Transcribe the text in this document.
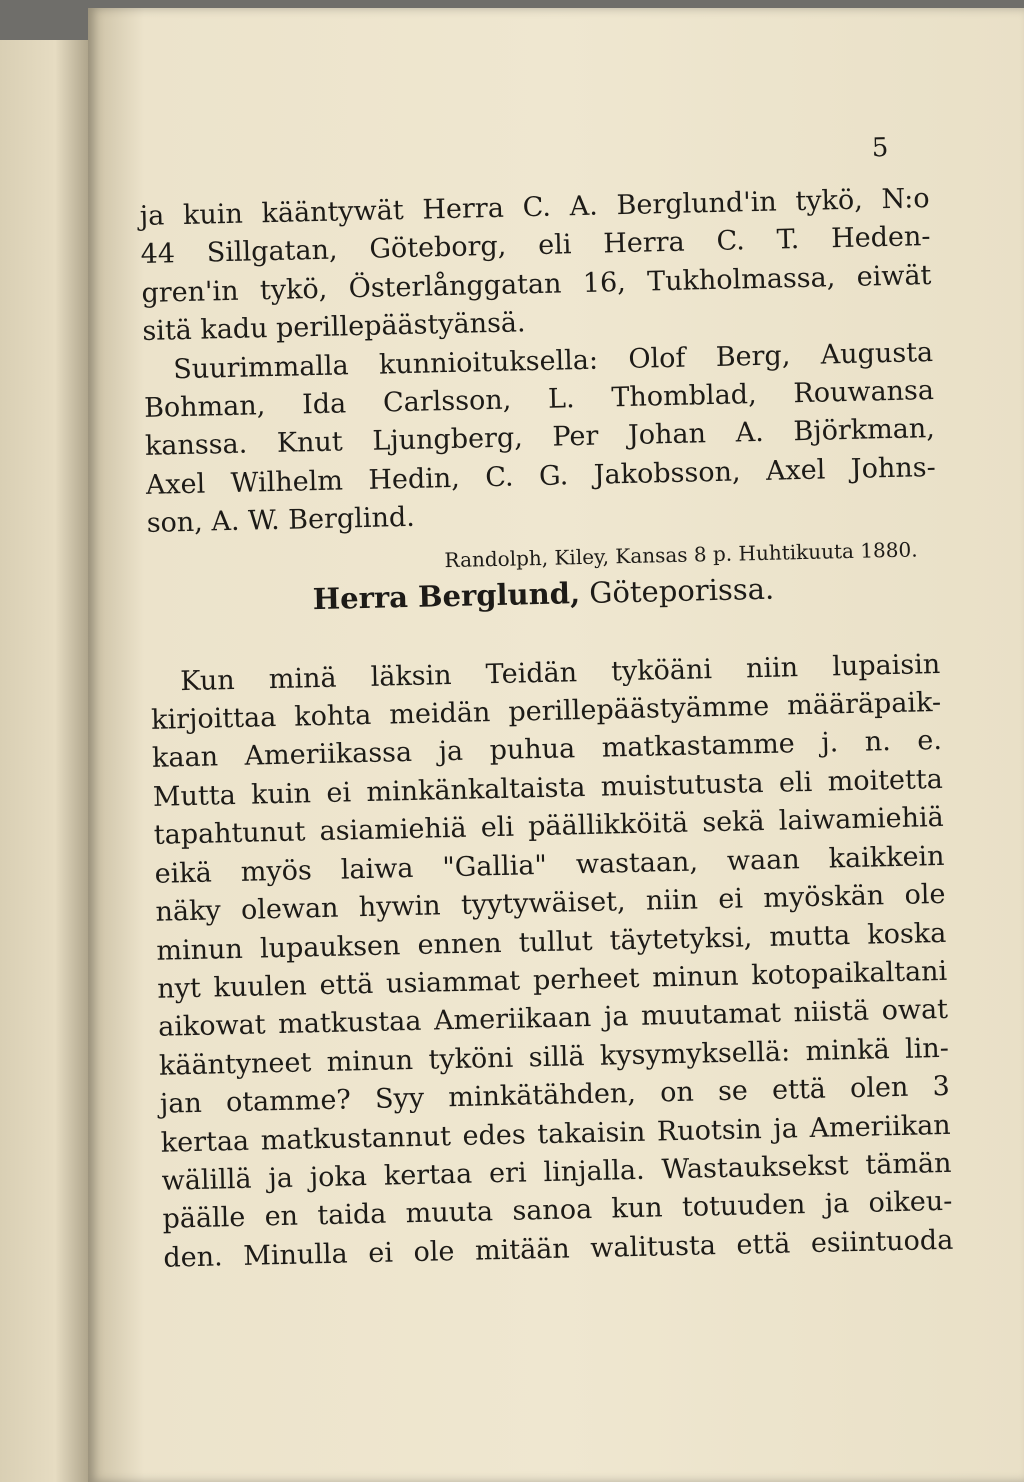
5
ja kuin kääntywät Herra C. A. Berglund'in tykö, N:o
44 Sillgatan, Göteborg, eli Herra C. T. Heden-
gren'in tykö, Österlånggatan 16, Tukholmassa, eiwät
sitä kadu perillepäästyänsä.
Suurimmalla kunnioituksella: Olof Berg, Augusta
Bohman, Ida Carlsson, L. Thomblad, Rouwansa
kanssa. Knut Ljungberg, Per Johan A. Björkman,
Axel Wilhelm Hedin, C. G. Jakobsson, Axel Johns-
son, A. W. Berglind.
Randolph, Kiley, Kansas 8 p. Huhtikuuta 1880.
Herra Berglund, Göteporissa.
Kun minä läksin Teidän tyköäni niin lupaisin
kirjoittaa kohta meidän perillepäästyämme määräpaik-
kaan Ameriikassa ja puhua matkastamme j. n. e.
Mutta kuin ei minkänkaltaista muistutusta eli moitetta
tapahtunut asiamiehiä eli päällikköitä sekä laiwamiehiä
eikä myös laiwa "Gallia" wastaan, waan kaikkein
näky olewan hywin tyytywäiset, niin ei myöskän ole
minun lupauksen ennen tullut täytetyksi, mutta koska
nyt kuulen että usiammat perheet minun kotopaikaltani
aikowat matkustaa Ameriikaan ja muutamat niistä owat
kääntyneet minun tyköni sillä kysymyksellä: minkä lin-
jan otamme? Syy minkätähden, on se että olen 3
kertaa matkustannut edes takaisin Ruotsin ja Ameriikan
wälillä ja joka kertaa eri linjalla. Wastauksekst tämän
päälle en taida muuta sanoa kun totuuden ja oikeu-
den. Minulla ei ole mitään walitusta että esiintuoda
